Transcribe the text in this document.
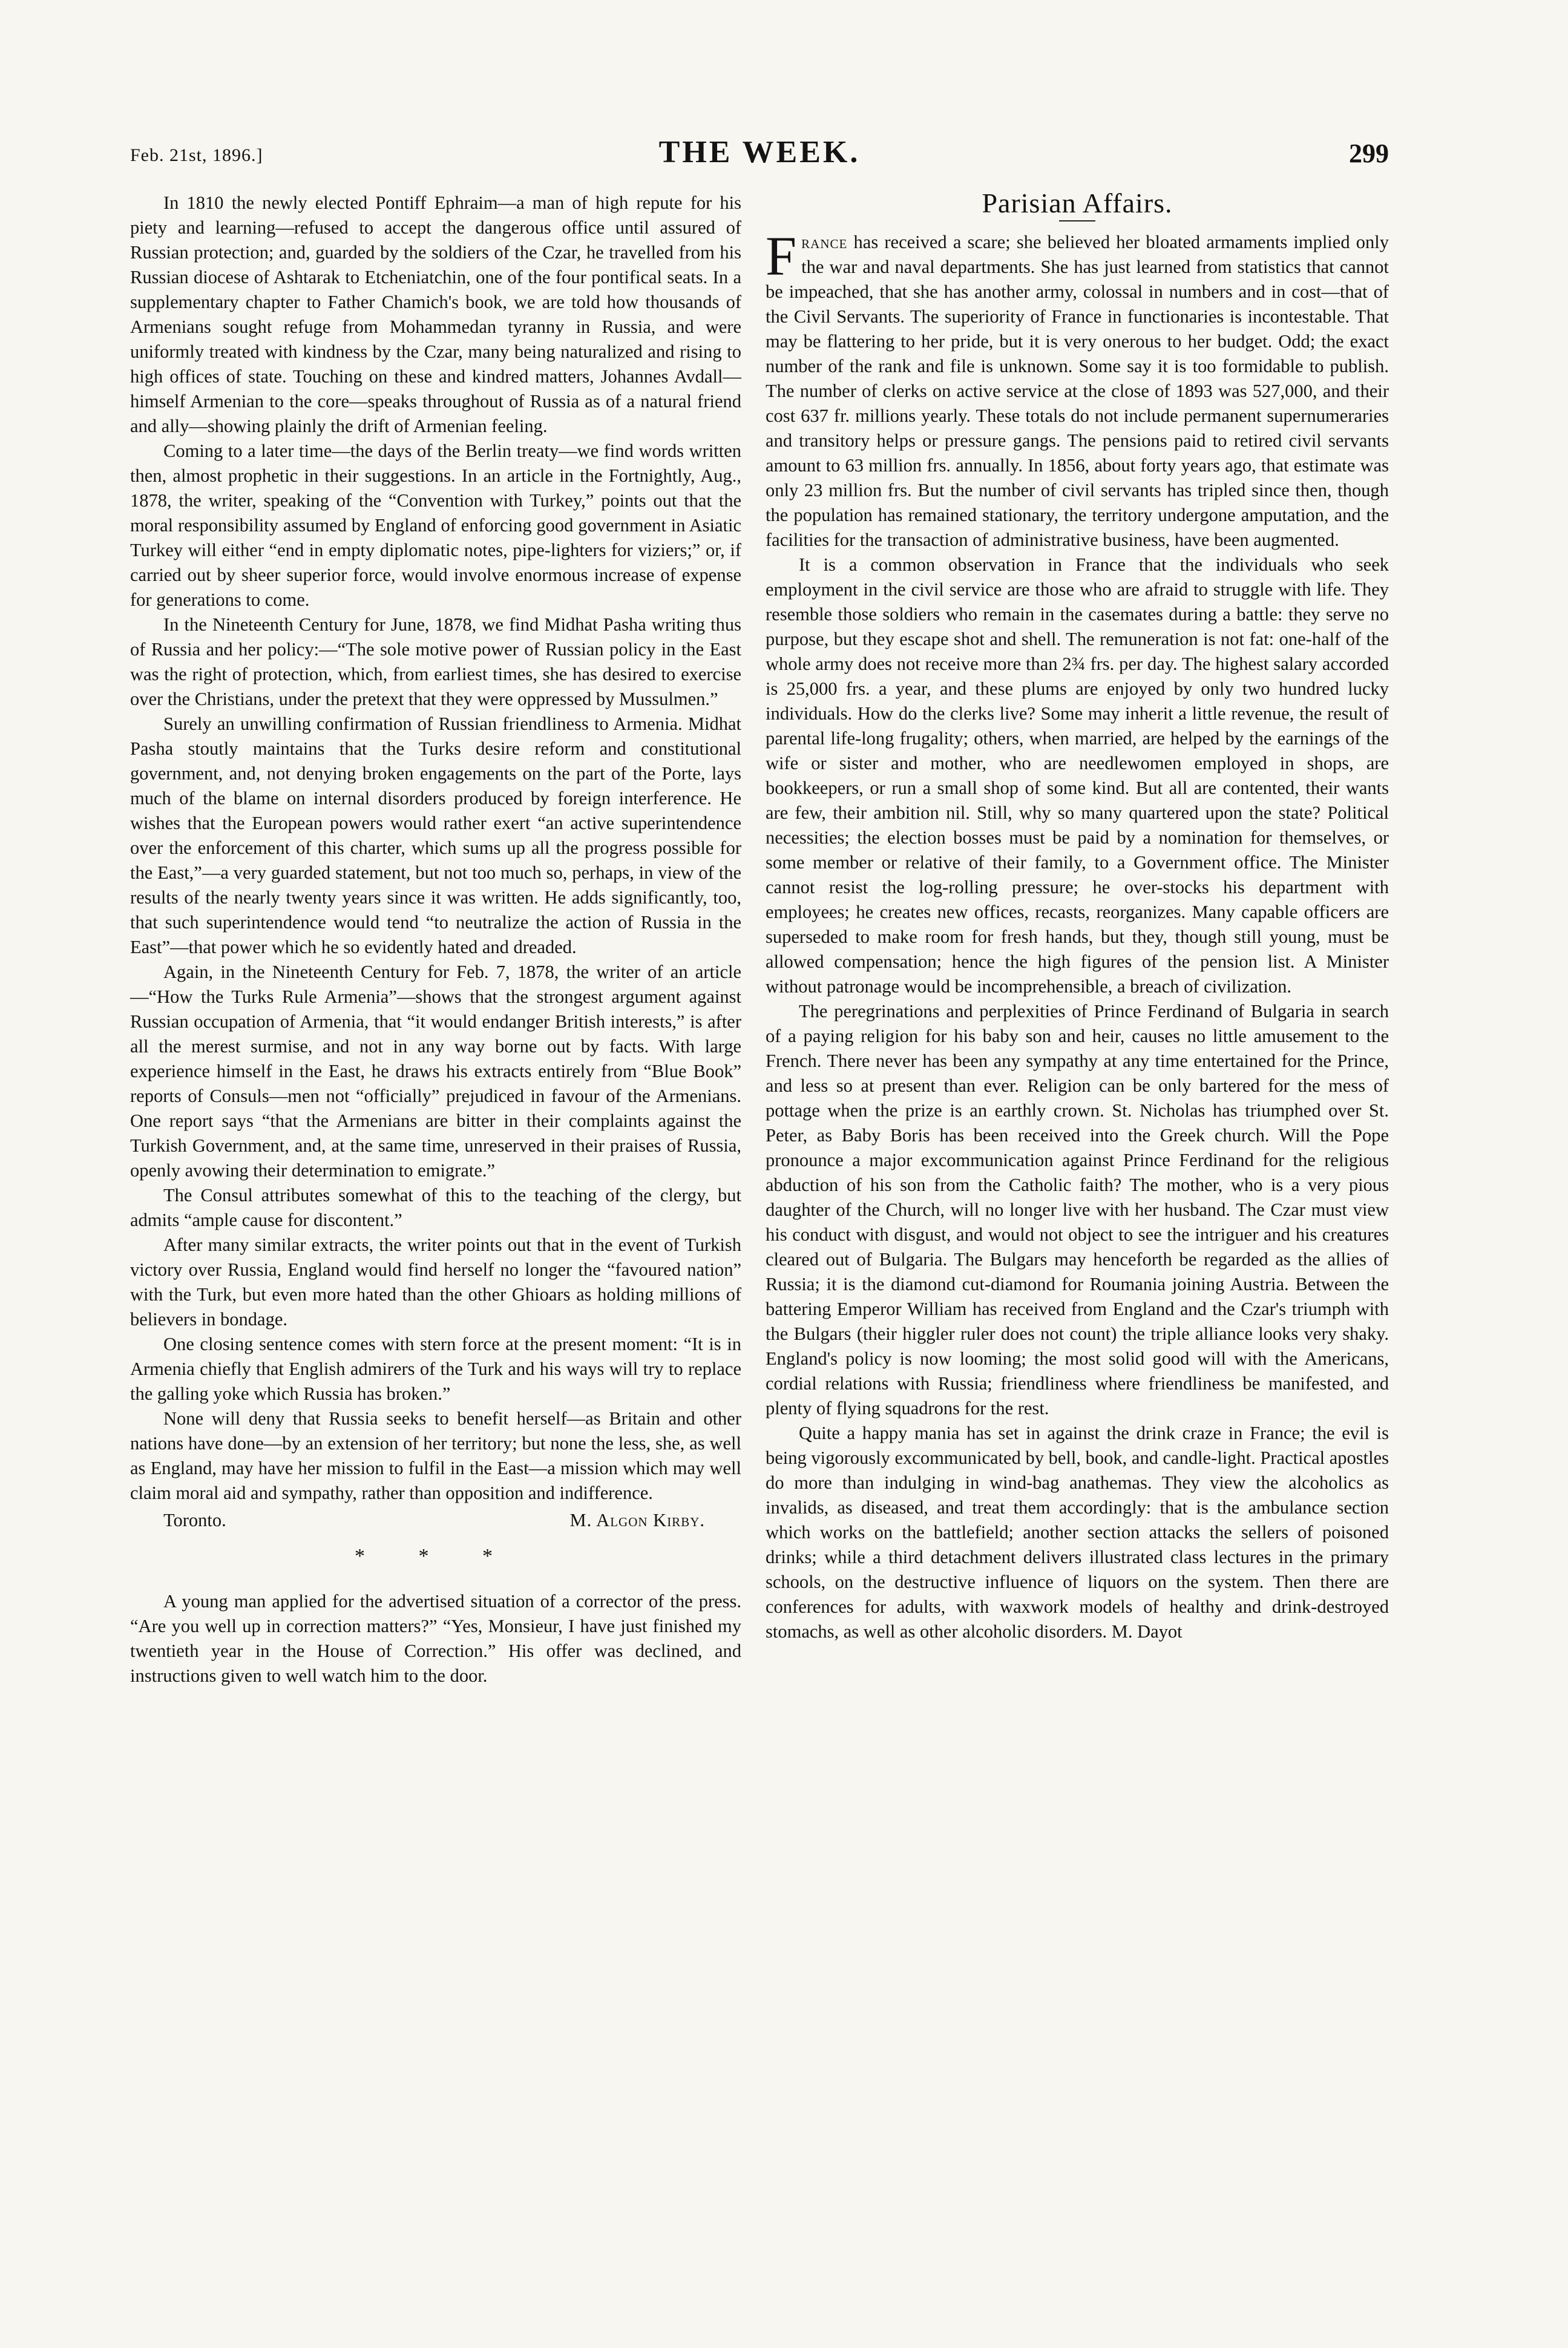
Feb. 21st, 1896.]	THE WEEK.	299

In 1810 the newly elected Pontiff Ephraim—a man of high repute for his piety and learning—refused to accept the dangerous office until assured of Russian protection; and, guarded by the soldiers of the Czar, he travelled from his Russian diocese of Ashtarak to Etcheniatchin, one of the four pontifical seats. In a supplementary chapter to Father Chamich's book, we are told how thousands of Armenians sought refuge from Mohammedan tyranny in Russia, and were uniformly treated with kindness by the Czar, many being naturalized and rising to high offices of state. Touching on these and kindred matters, Johannes Avdall—himself Armenian to the core—speaks throughout of Russia as of a natural friend and ally—showing plainly the drift of Armenian feeling.

Coming to a later time—the days of the Berlin treaty—we find words written then, almost prophetic in their suggestions. In an article in the Fortnightly, Aug., 1878, the writer, speaking of the “Convention with Turkey,” points out that the moral responsibility assumed by England of enforcing good government in Asiatic Turkey will either “end in empty diplomatic notes, pipe-lighters for viziers;” or, if carried out by sheer superior force, would involve enormous increase of expense for generations to come.

In the Nineteenth Century for June, 1878, we find Midhat Pasha writing thus of Russia and her policy:—“The sole motive power of Russian policy in the East was the right of protection, which, from earliest times, she has desired to exercise over the Christians, under the pretext that they were oppressed by Mussulmen.”

Surely an unwilling confirmation of Russian friendliness to Armenia. Midhat Pasha stoutly maintains that the Turks desire reform and constitutional government, and, not denying broken engagements on the part of the Porte, lays much of the blame on internal disorders produced by foreign interference. He wishes that the European powers would rather exert “an active superintendence over the enforcement of this charter, which sums up all the progress possible for the East,”—a very guarded statement, but not too much so, perhaps, in view of the results of the nearly twenty years since it was written. He adds significantly, too, that such superintendence would tend “to neutralize the action of Russia in the East”—that power which he so evidently hated and dreaded.

Again, in the Nineteenth Century for Feb. 7, 1878, the writer of an article—“How the Turks Rule Armenia”—shows that the strongest argument against Russian occupation of Armenia, that “it would endanger British interests,” is after all the merest surmise, and not in any way borne out by facts. With large experience himself in the East, he draws his extracts entirely from “Blue Book” reports of Consuls—men not “officially” prejudiced in favour of the Armenians. One report says “that the Armenians are bitter in their complaints against the Turkish Government, and, at the same time, unreserved in their praises of Russia, openly avowing their determination to emigrate.”

The Consul attributes somewhat of this to the teaching of the clergy, but admits “ample cause for discontent.”

After many similar extracts, the writer points out that in the event of Turkish victory over Russia, England would find herself no longer the “favoured nation” with the Turk, but even more hated than the other Ghioars as holding millions of believers in bondage.

One closing sentence comes with stern force at the present moment: “It is in Armenia chiefly that English admirers of the Turk and his ways will try to replace the galling yoke which Russia has broken.”

None will deny that Russia seeks to benefit herself—as Britain and other nations have done—by an extension of her territory; but none the less, she, as well as England, may have her mission to fulfil in the East—a mission which may well claim moral aid and sympathy, rather than opposition and indifference.

Toronto.	M. Algon Kirby.
* * *

A young man applied for the advertised situation of a corrector of the press. “Are you well up in correction matters?” “Yes, Monsieur, I have just finished my twentieth year in the House of Correction.” His offer was declined, and instructions given to well watch him to the door.

Parisian Affairs.

France has received a scare; she believed her bloated armaments implied only the war and naval departments. She has just learned from statistics that cannot be impeached, that she has another army, colossal in numbers and in cost—that of the Civil Servants. The superiority of France in functionaries is incontestable. That may be flattering to her pride, but it is very onerous to her budget. Odd; the exact number of the rank and file is unknown. Some say it is too formidable to publish. The number of clerks on active service at the close of 1893 was 527,000, and their cost 637 fr. millions yearly. These totals do not include permanent supernumeraries and transitory helps or pressure gangs. The pensions paid to retired civil servants amount to 63 million frs. annually. In 1856, about forty years ago, that estimate was only 23 million frs. But the number of civil servants has tripled since then, though the population has remained stationary, the territory undergone amputation, and the facilities for the transaction of administrative business, have been augmented.

It is a common observation in France that the individuals who seek employment in the civil service are those who are afraid to struggle with life. They resemble those soldiers who remain in the casemates during a battle: they serve no purpose, but they escape shot and shell. The remuneration is not fat: one-half of the whole army does not receive more than 2¾ frs. per day. The highest salary accorded is 25,000 frs. a year, and these plums are enjoyed by only two hundred lucky individuals. How do the clerks live? Some may inherit a little revenue, the result of parental life-long frugality; others, when married, are helped by the earnings of the wife or sister and mother, who are needlewomen employed in shops, are bookkeepers, or run a small shop of some kind. But all are contented, their wants are few, their ambition nil. Still, why so many quartered upon the state? Political necessities; the election bosses must be paid by a nomination for themselves, or some member or relative of their family, to a Government office. The Minister cannot resist the log-rolling pressure; he over-stocks his department with employees; he creates new offices, recasts, reorganizes. Many capable officers are superseded to make room for fresh hands, but they, though still young, must be allowed compensation; hence the high figures of the pension list. A Minister without patronage would be incomprehensible, a breach of civilization.

The peregrinations and perplexities of Prince Ferdinand of Bulgaria in search of a paying religion for his baby son and heir, causes no little amusement to the French. There never has been any sympathy at any time entertained for the Prince, and less so at present than ever. Religion can be only bartered for the mess of pottage when the prize is an earthly crown. St. Nicholas has triumphed over St. Peter, as Baby Boris has been received into the Greek church. Will the Pope pronounce a major excommunication against Prince Ferdinand for the religious abduction of his son from the Catholic faith? The mother, who is a very pious daughter of the Church, will no longer live with her husband. The Czar must view his conduct with disgust, and would not object to see the intriguer and his creatures cleared out of Bulgaria. The Bulgars may henceforth be regarded as the allies of Russia; it is the diamond cut-diamond for Roumania joining Austria. Between the battering Emperor William has received from England and the Czar's triumph with the Bulgars (their higgler ruler does not count) the triple alliance looks very shaky. England's policy is now looming; the most solid good will with the Americans, cordial relations with Russia; friendliness where friendliness be manifested, and plenty of flying squadrons for the rest.

Quite a happy mania has set in against the drink craze in France; the evil is being vigorously excommunicated by bell, book, and candle-light. Practical apostles do more than indulging in wind-bag anathemas. They view the alcoholics as invalids, as diseased, and treat them accordingly: that is the ambulance section which works on the battlefield; another section attacks the sellers of poisoned drinks; while a third detachment delivers illustrated class lectures in the primary schools, on the destructive influence of liquors on the system. Then there are conferences for adults, with waxwork models of healthy and drink-destroyed stomachs, as well as other alcoholic disorders. M. Dayot
